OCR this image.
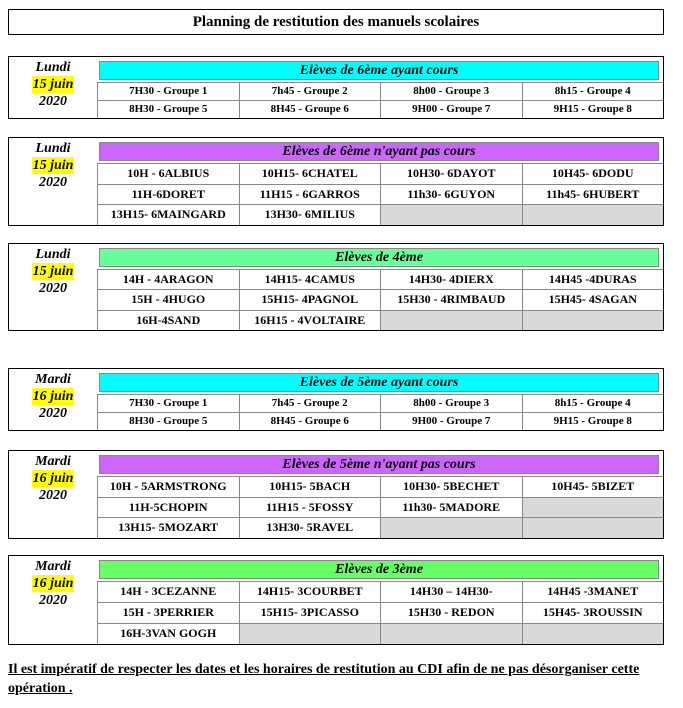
Planning de restitution des manuels scolaires
Lundi
15 juin
2020
Elèves de 6ème ayant cours
7H30 - Groupe 1	7h45 - Groupe 2	8h00 - Groupe 3	8h15 - Groupe 4
8H30 - Groupe 5	8H45 - Groupe 6	9H00 - Groupe 7	9H15 - Groupe 8
Lundi
15 juin
2020
Elèves de 6ème n'ayant pas cours
10H - 6ALBIUS	10H15- 6CHATEL	10H30- 6DAYOT	10H45- 6DODU
11H-6DORET	11H15 - 6GARROS	11h30- 6GUYON	11h45- 6HUBERT
13H15- 6MAINGARD	13H30- 6MILIUS
Lundi
15 juin
2020
Elèves de 4ème
14H - 4ARAGON	14H15- 4CAMUS	14H30- 4DIERX	14H45 -4DURAS
15H - 4HUGO	15H15- 4PAGNOL	15H30 - 4RIMBAUD	15H45- 4SAGAN
16H-4SAND	16H15 - 4VOLTAIRE
Mardi
16 juin
2020
Elèves de 5ème ayant cours
7H30 - Groupe 1	7h45 - Groupe 2	8h00 - Groupe 3	8h15 - Groupe 4
8H30 - Groupe 5	8H45 - Groupe 6	9H00 - Groupe 7	9H15 - Groupe 8
Mardi
16 juin
2020
Elèves de 5ème n'ayant pas cours
10H - 5ARMSTRONG	10H15- 5BACH	10H30- 5BECHET	10H45- 5BIZET
11H-5CHOPIN	11H15 - 5FOSSY	11h30- 5MADORE
13H15- 5MOZART	13H30- 5RAVEL
Mardi
16 juin
2020
Elèves de 3ème
14H - 3CEZANNE	14H15- 3COURBET	14H30 – 14H30-	14H45 -3MANET
15H - 3PERRIER	15H15- 3PICASSO	15H30 - REDON	15H45- 3ROUSSIN
16H-3VAN GOGH
Il est impératif de respecter les dates et les horaires de restitution au CDI afin de ne pas désorganiser cette opération .
